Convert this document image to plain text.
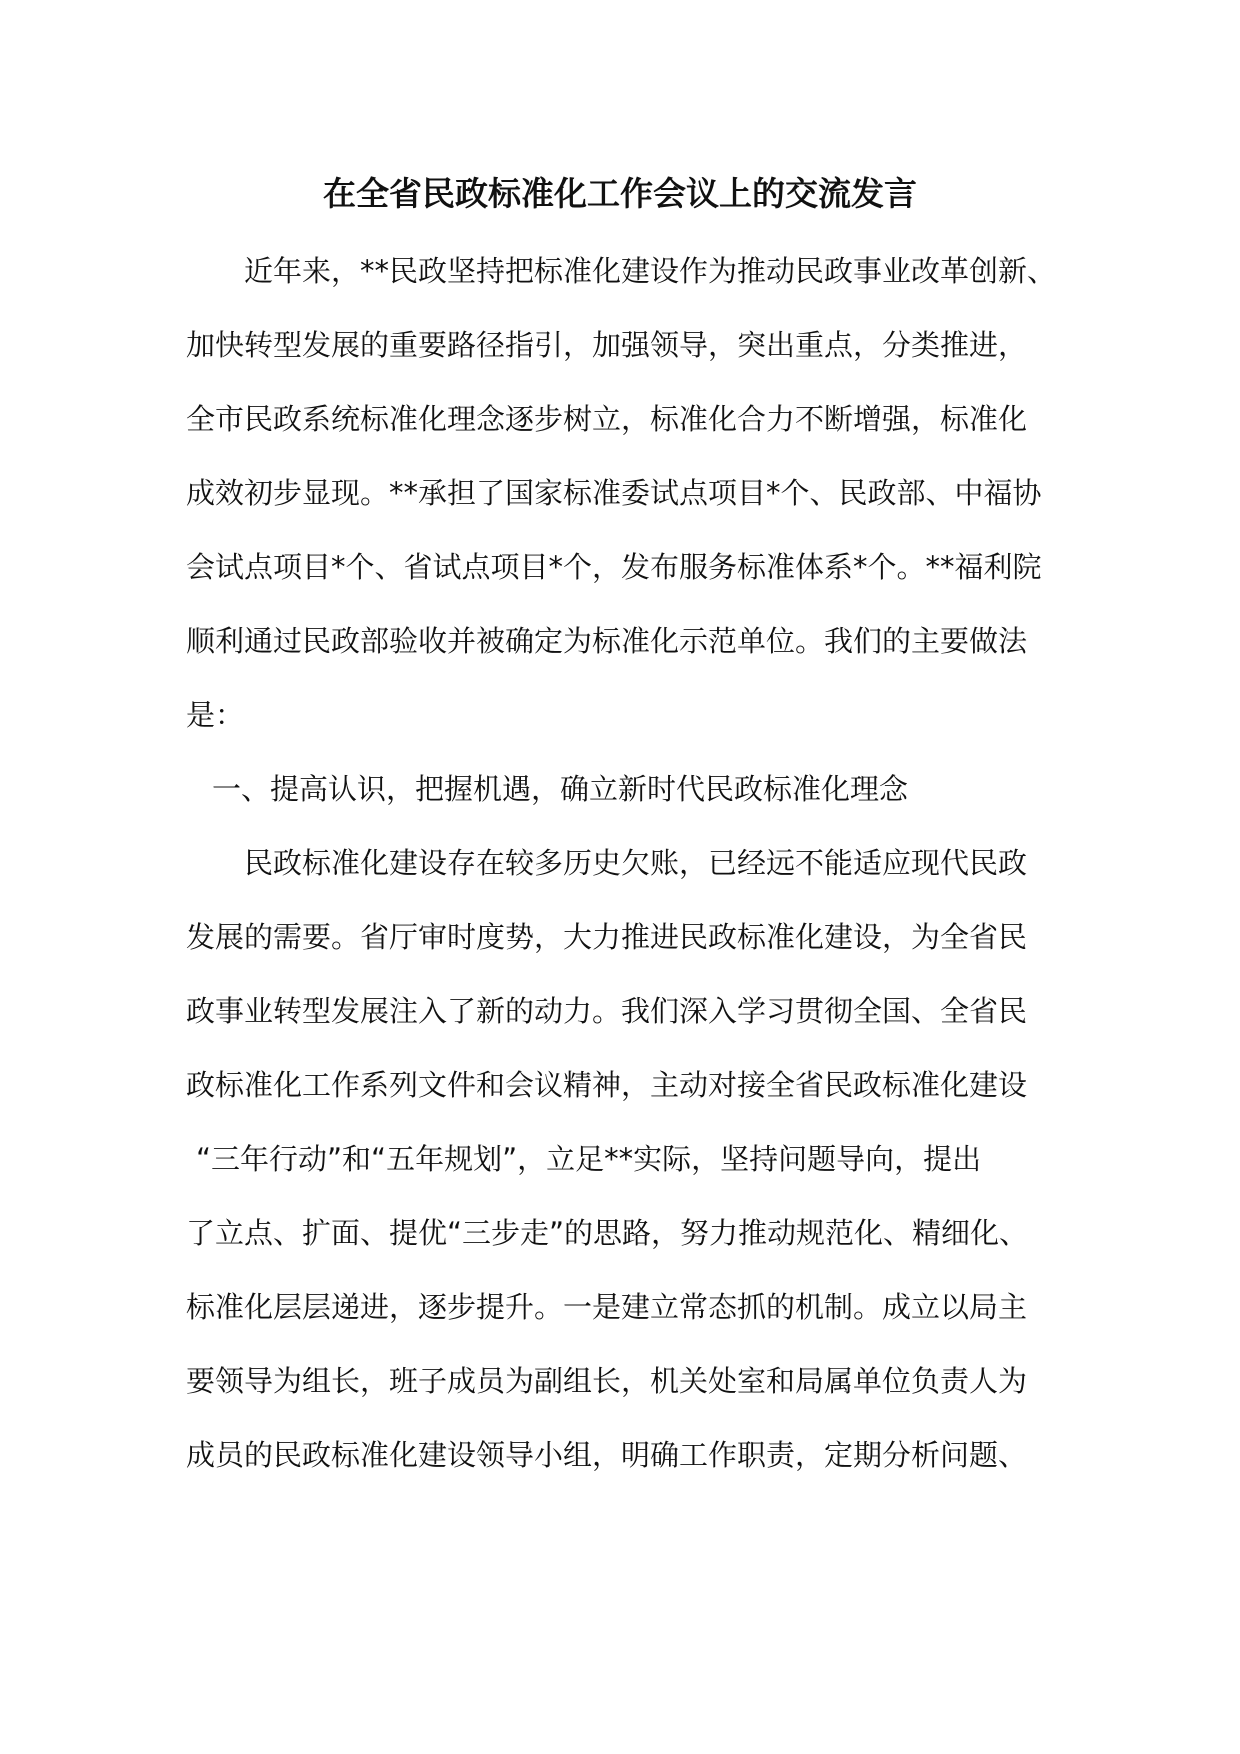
在全省民政标准化工作会议上的交流发言
近年来，**民政坚持把标准化建设作为推动民政事业改革创新、
加快转型发展的重要路径指引，加强领导，突出重点，分类推进，
全市民政系统标准化理念逐步树立，标准化合力不断增强，标准化
成效初步显现。**承担了国家标准委试点项目*个、民政部、中福协
会试点项目*个、省试点项目*个，发布服务标准体系*个。**福利院
顺利通过民政部验收并被确定为标准化示范单位。我们的主要做法
是：
一、提高认识，把握机遇，确立新时代民政标准化理念
民政标准化建设存在较多历史欠账，已经远不能适应现代民政
发展的需要。省厅审时度势，大力推进民政标准化建设，为全省民
政事业转型发展注入了新的动力。我们深入学习贯彻全国、全省民
政标准化工作系列文件和会议精神，主动对接全省民政标准化建设
“三年行动”和“五年规划”，立足**实际，坚持问题导向，提出
了立点、扩面、提优“三步走”的思路，努力推动规范化、精细化、
标准化层层递进，逐步提升。一是建立常态抓的机制。成立以局主
要领导为组长，班子成员为副组长，机关处室和局属单位负责人为
成员的民政标准化建设领导小组，明确工作职责，定期分析问题、
